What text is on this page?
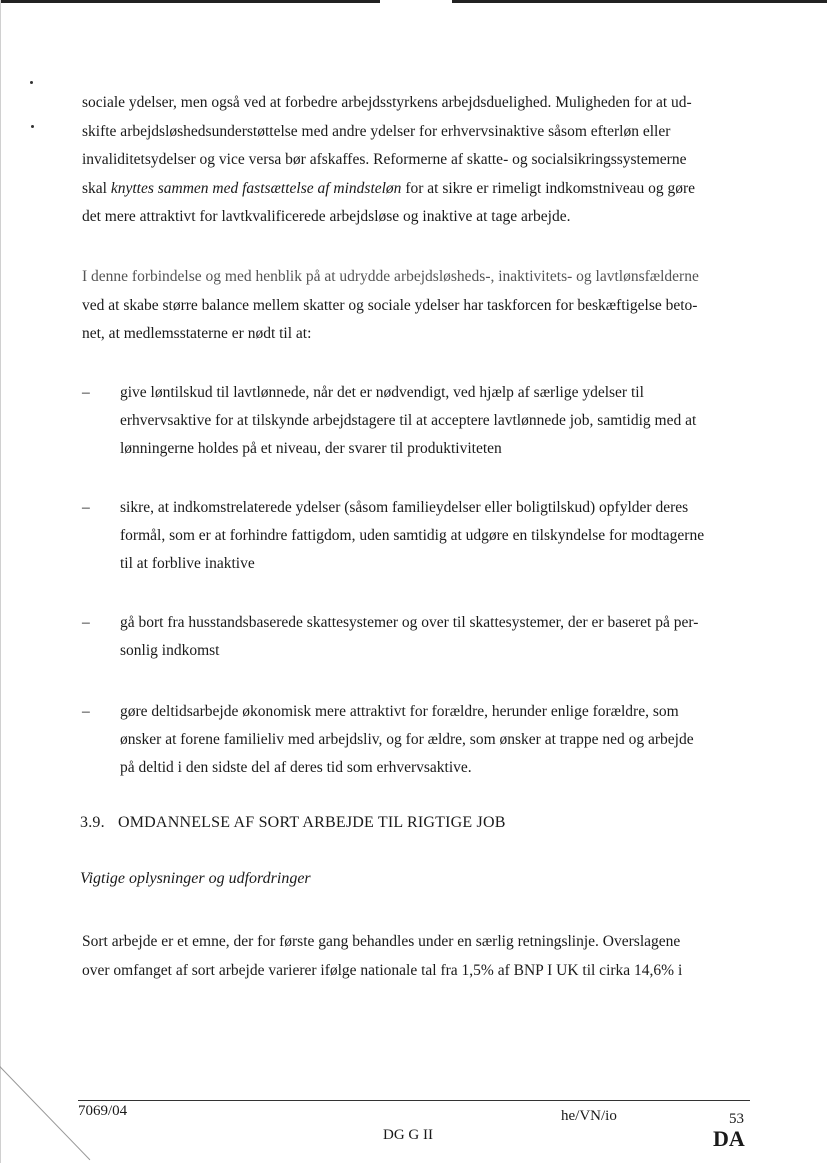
sociale ydelser, men også ved at forbedre arbejdsstyrkens arbejdsduelighed. Muligheden for at ud-

skifte arbejdsløshedsunderstøttelse med andre ydelser for erhvervsinaktive såsom efterløn eller

invaliditetsydelser og vice versa bør afskaffes. Reformerne af skatte- og socialsikringssystemerne

skal knyttes sammen med fastsættelse af mindsteløn for at sikre er rimeligt indkomstniveau og gøre

det mere attraktivt for lavtkvalificerede arbejdsløse og inaktive at tage arbejde.

I denne forbindelse og med henblik på at udrydde arbejdsløsheds-, inaktivitets- og lavtlønsfælderne

ved at skabe større balance mellem skatter og sociale ydelser har taskforcen for beskæftigelse beto-

net, at medlemsstaterne er nødt til at:

–	give løntilskud til lavtlønnede, når det er nødvendigt, ved hjælp af særlige ydelser til
erhvervsaktive for at tilskynde arbejdstagere til at acceptere lavtlønnede job, samtidig med at
lønningerne holdes på et niveau, der svarer til produktiviteten
–	sikre, at indkomstrelaterede ydelser (såsom familieydelser eller boligtilskud) opfylder deres
formål, som er at forhindre fattigdom, uden samtidig at udgøre en tilskyndelse for modtagerne
til at forblive inaktive
–	gå bort fra husstandsbaserede skattesystemer og over til skattesystemer, der er baseret på per-
sonlig indkomst
–	gøre deltidsarbejde økonomisk mere attraktivt for forældre, herunder enlige forældre, som
ønsker at forene familieliv med arbejdsliv, og for ældre, som ønsker at trappe ned og arbejde
på deltid i den sidste del af deres tid som erhvervsaktive.
3.9. OMDANNELSE AF SORT ARBEJDE TIL RIGTIGE JOB
Vigtige oplysninger og udfordringer

Sort arbejde er et emne, der for første gang behandles under en særlig retningslinje. Overslagene

over omfanget af sort arbejde varierer ifølge nationale tal fra 1,5% af BNP I UK til cirka 14,6% i

7069/04	he/VN/io	53
DG G II	DA
